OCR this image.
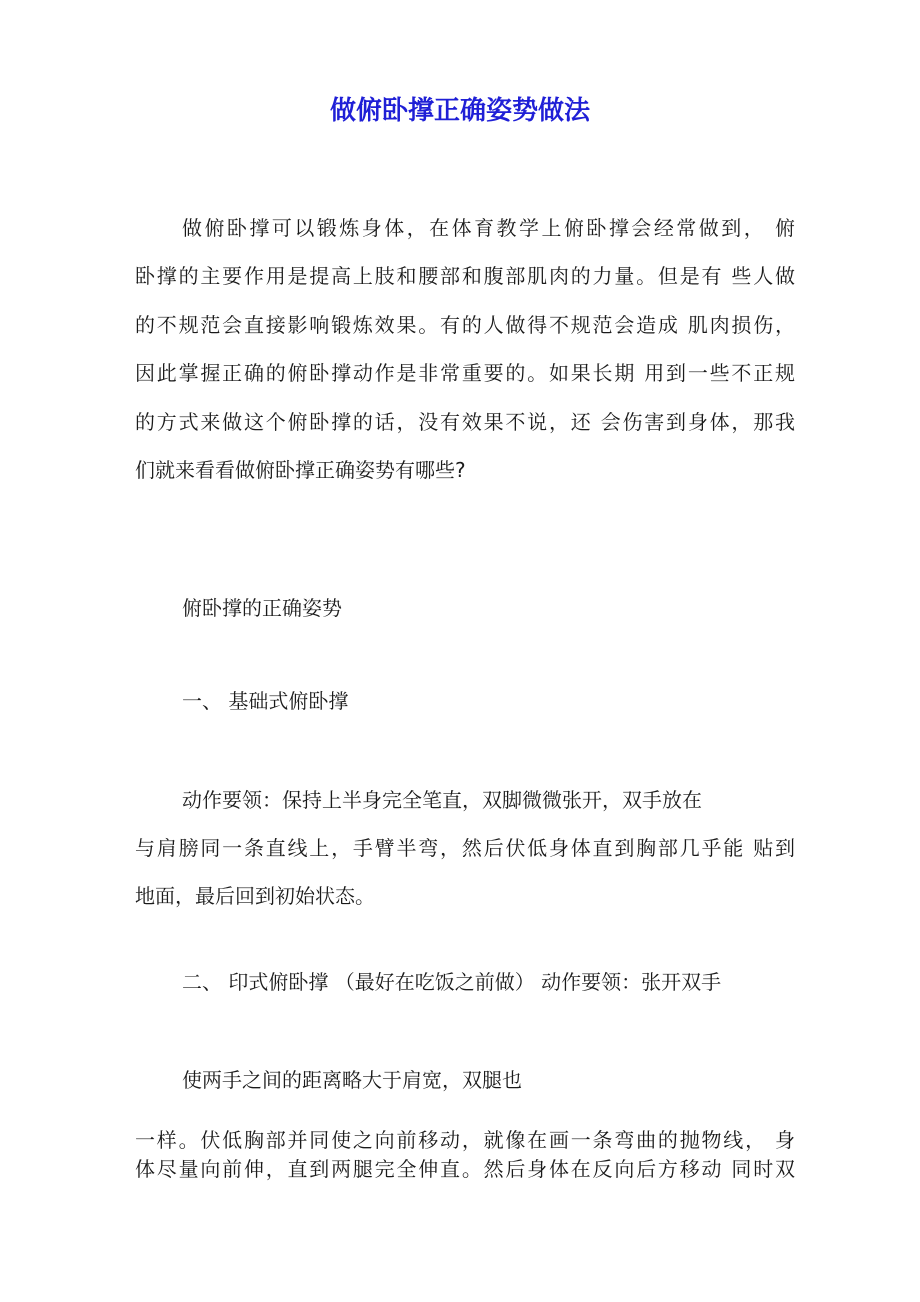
做俯卧撑正确姿势做法
做俯卧撑可以锻炼身体，在体育教学上俯卧撑会经常做到， 俯
卧撑的主要作用是提高上肢和腰部和腹部肌肉的力量。但是有 些人做
的不规范会直接影响锻炼效果。有的人做得不规范会造成 肌肉损伤，
因此掌握正确的俯卧撑动作是非常重要的。如果长期 用到一些不正规
的方式来做这个俯卧撑的话，没有效果不说，还 会伤害到身体，那我
们就来看看做俯卧撑正确姿势有哪些?
俯卧撑的正确姿势
一、 基础式俯卧撑
动作要领：保持上半身完全笔直，双脚微微张开，双手放在
与肩膀同一条直线上，手臂半弯，然后伏低身体直到胸部几乎能 贴到
地面，最后回到初始状态。
二、 印式俯卧撑 （最好在吃饭之前做） 动作要领：张开双手
使两手之间的距离略大于肩宽，双腿也
一样。伏低胸部并同使之向前移动，就像在画一条弯曲的抛物线， 身
体尽量向前伸，直到两腿完全伸直。然后身体在反向后方移动 同时双
